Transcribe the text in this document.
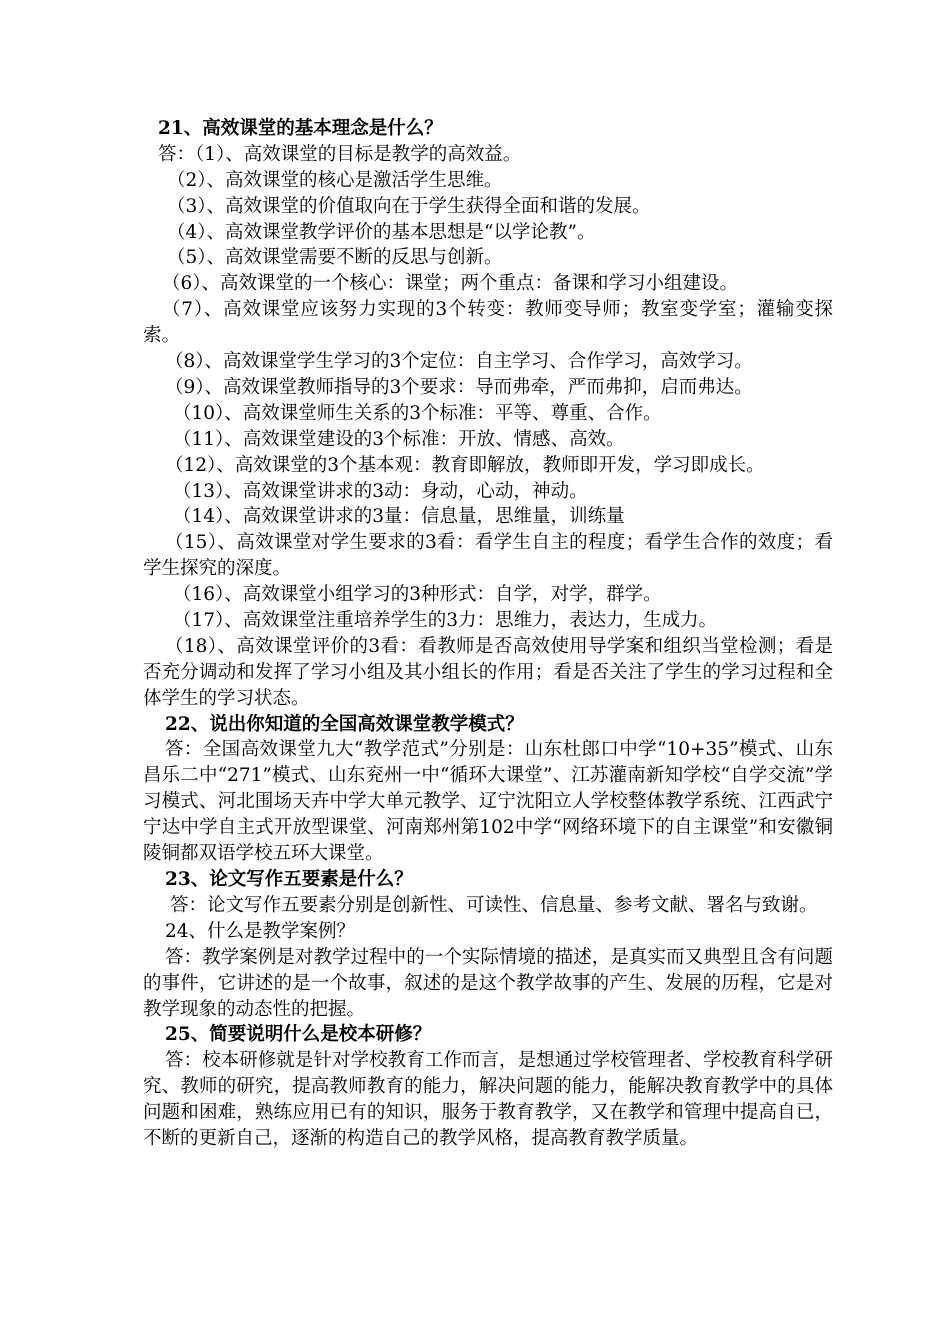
21、高效课堂的基本理念是什么？
答：（1）、高效课堂的目标是教学的高效益。
（2）、高效课堂的核心是激活学生思维。
（3）、高效课堂的价值取向在于学生获得全面和谐的发展。
（4）、高效课堂教学评价的基本思想是“以学论教”。
（5）、高效课堂需要不断的反思与创新。
（6）、高效课堂的一个核心：课堂；两个重点：备课和学习小组建设。
（7）、高效课堂应该努力实现的3个转变：教师变导师；教室变学室；灌输变探索。
（8）、高效课堂学生学习的3个定位：自主学习、合作学习，高效学习。
（9）、高效课堂教师指导的3个要求：导而弗牵，严而弗抑，启而弗达。
（10）、高效课堂师生关系的3个标准：平等、尊重、合作。
（11）、高效课堂建设的3个标准：开放、情感、高效。
（12）、高效课堂的3个基本观：教育即解放，教师即开发，学习即成长。
（13）、高效课堂讲求的3动：身动，心动，神动。
（14）、高效课堂讲求的3量：信息量，思维量，训练量
（15）、高效课堂对学生要求的3看：看学生自主的程度；看学生合作的效度；看学生探究的深度。
（16）、高效课堂小组学习的3种形式：自学，对学，群学。
（17）、高效课堂注重培养学生的3力：思维力，表达力，生成力。
（18）、高效课堂评价的3看：看教师是否高效使用导学案和组织当堂检测；看是否充分调动和发挥了学习小组及其小组长的作用；看是否关注了学生的学习过程和全体学生的学习状态。
22、说出你知道的全国高效课堂教学模式？
答：全国高效课堂九大“教学范式”分别是：山东杜郎口中学“10+35”模式、山东昌乐二中“271”模式、山东兖州一中“循环大课堂”、江苏灌南新知学校“自学交流”学习模式、河北围场天卉中学大单元教学、辽宁沈阳立人学校整体教学系统、江西武宁宁达中学自主式开放型课堂、河南郑州第102中学“网络环境下的自主课堂”和安徽铜陵铜都双语学校五环大课堂。
23、论文写作五要素是什么？
答：论文写作五要素分别是创新性、可读性、信息量、参考文献、署名与致谢。
24、什么是教学案例？
答：教学案例是对教学过程中的一个实际情境的描述，是真实而又典型且含有问题的事件，它讲述的是一个故事，叙述的是这个教学故事的产生、发展的历程，它是对教学现象的动态性的把握。
25、简要说明什么是校本研修？
答：校本研修就是针对学校教育工作而言，是想通过学校管理者、学校教育科学研究、教师的研究，提高教师教育的能力，解决问题的能力，能解决教育教学中的具体问题和困难，熟练应用已有的知识，服务于教育教学，又在教学和管理中提高自已，不断的更新自己，逐渐的构造自己的教学风格，提高教育教学质量。
